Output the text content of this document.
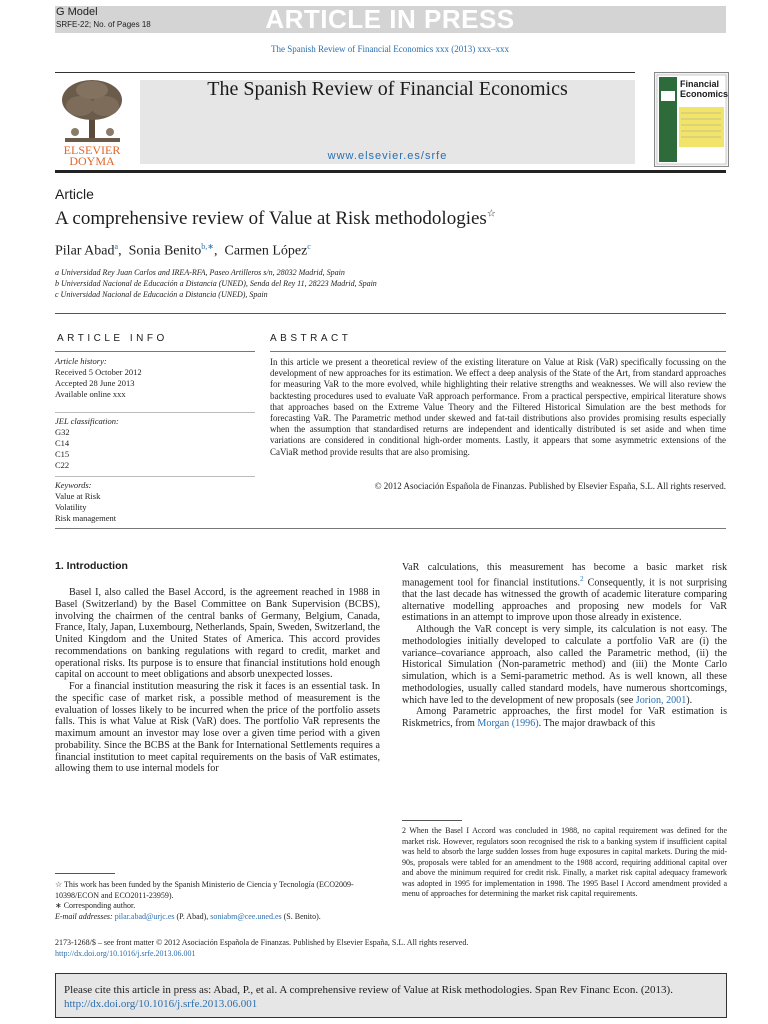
G Model
SRFE-22; No. of Pages 18	ARTICLE IN PRESS
The Spanish Review of Financial Economics xxx (2013) xxx–xxx
The Spanish Review of Financial Economics
www.elsevier.es/srfe
ELSEVIER
DOYMA
Financial
Economics
Article
A comprehensive review of Value at Risk methodologies☆
Pilar Abad$^a$,  Sonia Benito$^{b,∗}$,  Carmen López$^c$
a Universidad Rey Juan Carlos and IREA-RFA, Paseo Artilleros s/n, 28032 Madrid, Spain
b Universidad Nacional de Educación a Distancia (UNED), Senda del Rey 11, 28223 Madrid, Spain
c Universidad Nacional de Educación a Distancia (UNED), Spain
ARTICLE INFO
Article history:
Received 5 October 2012
Accepted 28 June 2013
Available online xxx
JEL classification:
G32
C14
C15
C22
Keywords:
Value at Risk
Volatility
Risk management
ABSTRACT
In this article we present a theoretical review of the existing literature on Value at Risk (VaR) specifically focussing on the development of new approaches for its estimation. We effect a deep analysis of the State of the Art, from standard approaches for measuring VaR to the more evolved, while highlighting their relative strengths and weaknesses. We will also review the backtesting procedures used to evaluate VaR approach performance. From a practical perspective, empirical literature shows that approaches based on the Extreme Value Theory and the Filtered Historical Simulation are the best methods for forecasting VaR. The Parametric method under skewed and fat-tail distributions also provides promising results especially when the assumption that standardised returns are independent and identically distributed is set aside and when time variations are considered in conditional high-order moments. Lastly, it appears that some asymmetric extensions of the CaViaR method provide results that are also promising.
© 2012 Asociación Española de Finanzas. Published by Elsevier España, S.L. All rights reserved.
1. Introduction

Basel I, also called the Basel Accord, is the agreement reached in 1988 in Basel (Switzerland) by the Basel Committee on Bank Supervision (BCBS), involving the chairmen of the central banks of Germany, Belgium, Canada, France, Italy, Japan, Luxembourg, Netherlands, Spain, Sweden, Switzerland, the United Kingdom and the United States of America. This accord provides recommendations on banking regulations with regard to credit, market and operational risks. Its purpose is to ensure that financial institutions hold enough capital on account to meet obligations and absorb unexpected losses.

For a financial institution measuring the risk it faces is an essential task. In the specific case of market risk, a possible method of measurement is the evaluation of losses likely to be incurred when the price of the portfolio assets falls. This is what Value at Risk (VaR) does. The portfolio VaR represents the maximum amount an investor may lose over a given time period with a given probability. Since the BCBS at the Bank for International Settlements requires a financial institution to meet capital requirements on the basis of VaR estimates, allowing them to use internal models for

VaR calculations, this measurement has become a basic market risk management tool for financial institutions.$^2$ Consequently, it is not surprising that the last decade has witnessed the growth of academic literature comparing alternative modelling approaches and proposing new models for VaR estimations in an attempt to improve upon those already in existence.

Although the VaR concept is very simple, its calculation is not easy. The methodologies initially developed to calculate a portfolio VaR are (i) the variance–covariance approach, also called the Parametric method, (ii) the Historical Simulation (Non-parametric method) and (iii) the Monte Carlo simulation, which is a Semi-parametric method. As is well known, all these methodologies, usually called standard models, have numerous shortcomings, which have led to the development of new proposals (see Jorion, 2001).

Among Parametric approaches, the first model for VaR estimation is Riskmetrics, from Morgan (1996). The major drawback of this

☆ This work has been funded by the Spanish Ministerio de Ciencia y Tecnología (ECO2009-10398/ECON and ECO2011-23959).
∗ Corresponding author.
E-mail addresses: pilar.abad@urjc.es (P. Abad), soniabm@cee.uned.es (S. Benito).
2 When the Basel I Accord was concluded in 1988, no capital requirement was defined for the market risk. However, regulators soon recognised the risk to a banking system if insufficient capital was held to absorb the large sudden losses from huge exposures in capital markets. During the mid-90s, proposals were tabled for an amendment to the 1988 accord, requiring additional capital over and above the minimum required for credit risk. Finally, a market risk capital adequacy framework was adopted in 1995 for implementation in 1998. The 1995 Basel I Accord amendment provided a menu of approaches for determining the market risk capital requirements.
2173-1268/$ – see front matter © 2012 Asociación Española de Finanzas. Published by Elsevier España, S.L. All rights reserved.
http://dx.doi.org/10.1016/j.srfe.2013.06.001
Please cite this article in press as: Abad, P., et al. A comprehensive review of Value at Risk methodologies. Span Rev Financ Econ. (2013).
http://dx.doi.org/10.1016/j.srfe.2013.06.001
